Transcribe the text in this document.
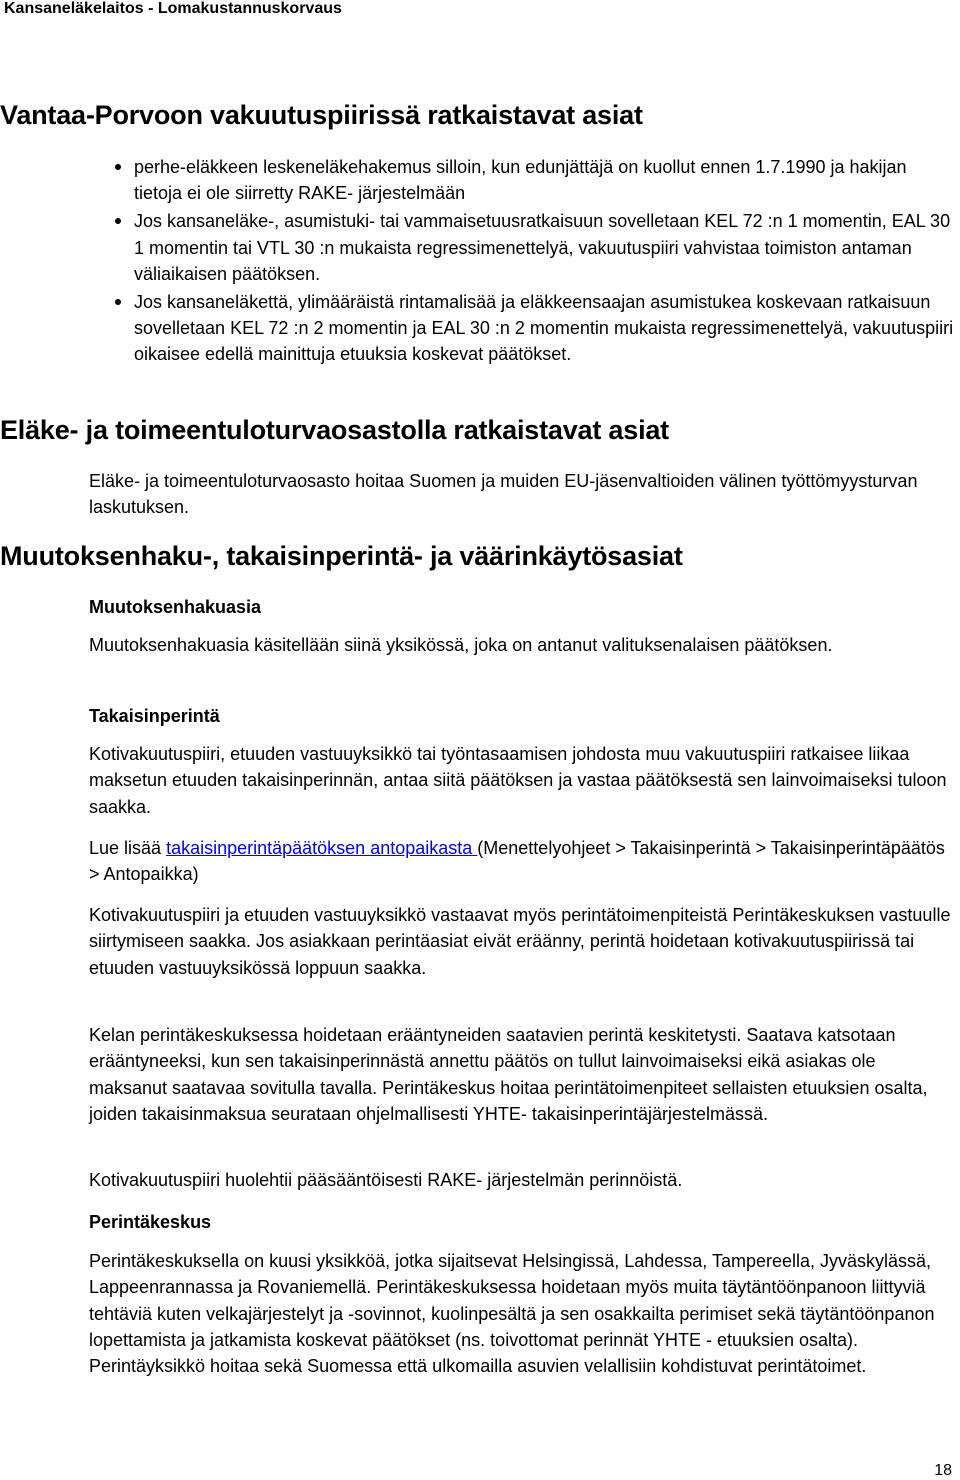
Kansaneläkelaitos - Lomakustannuskorvaus
Vantaa-Porvoon vakuutuspiirissä ratkaistavat asiat
perhe-eläkkeen leskeneläkehakemus silloin, kun edunjättäjä on kuollut ennen 1.7.1990 ja hakijan tietoja ei ole siirretty RAKE- järjestelmään
Jos kansaneläke-, asumistuki- tai vammaisetuusratkaisuun sovelletaan KEL 72 :n 1 momentin, EAL 30 1 momentin tai VTL 30 :n mukaista regressimenettelyä, vakuutuspiiri vahvistaa toimiston antaman väliaikaisen päätöksen.
Jos kansaneläkettä, ylimääräistä rintamalisää ja eläkkeensaajan asumistukea koskevaan ratkaisuun sovelletaan KEL 72 :n 2 momentin ja EAL 30 :n 2 momentin mukaista regressimenettelyä, vakuutuspiiri oikaisee edellä mainittuja etuuksia koskevat päätökset.
Eläke- ja toimeentuloturvaosastolla ratkaistavat asiat
Eläke- ja toimeentuloturvaosasto hoitaa Suomen ja muiden EU-jäsenvaltioiden välinen työttömyysturvan laskutuksen.
Muutoksenhaku-, takaisinperintä- ja väärinkäytösasiat
Muutoksenhakuasia
Muutoksenhakuasia käsitellään siinä yksikössä, joka on antanut valituksenalaisen päätöksen.
Takaisinperintä
Kotivakuutuspiiri, etuuden vastuuyksikkö tai työntasaamisen johdosta muu vakuutuspiiri ratkaisee liikaa maksetun etuuden takaisinperinnän, antaa siitä päätöksen ja vastaa päätöksestä sen lainvoimaiseksi tuloon saakka.
Lue lisää takaisinperintäpäätöksen antopaikasta (Menettelyohjeet > Takaisinperintä > Takaisinperintäpäätös > Antopaikka)
Kotivakuutuspiiri ja etuuden vastuuyksikkö vastaavat myös perintätoimenpiteistä Perintäkeskuksen vastuulle siirtymiseen saakka. Jos asiakkaan perintäasiat eivät eräänny, perintä hoidetaan kotivakuutuspiirissä tai etuuden vastuuyksikössä loppuun saakka.
Kelan perintäkeskuksessa hoidetaan erääntyneiden saatavien perintä keskitetysti. Saatava katsotaan erääntyneeksi, kun sen takaisinperinnästä annettu päätös on tullut lainvoimaiseksi eikä asiakas ole maksanut saatavaa sovitulla tavalla. Perintäkeskus hoitaa perintätoimenpiteet sellaisten etuuksien osalta, joiden takaisinmaksua seurataan ohjelmallisesti YHTE- takaisinperintäjärjestelmässä.
Kotivakuutuspiiri huolehtii pääsääntöisesti RAKE- järjestelmän perinnöistä.
Perintäkeskus
Perintäkeskuksella on kuusi yksikköä, jotka sijaitsevat Helsingissä, Lahdessa, Tampereella, Jyväskylässä, Lappeenrannassa ja Rovaniemellä. Perintäkeskuksessa hoidetaan myös muita täytäntöönpanoon liittyviä tehtäviä kuten velkajärjestelyt ja -sovinnot, kuolinpesältä ja sen osakkailta perimiset sekä täytäntöönpanon lopettamista ja jatkamista koskevat päätökset (ns. toivottomat perinnät YHTE - etuuksien osalta). Perintäyksikkö hoitaa sekä Suomessa että ulkomailla asuvien velallisiin kohdistuvat perintätoimet.
18
